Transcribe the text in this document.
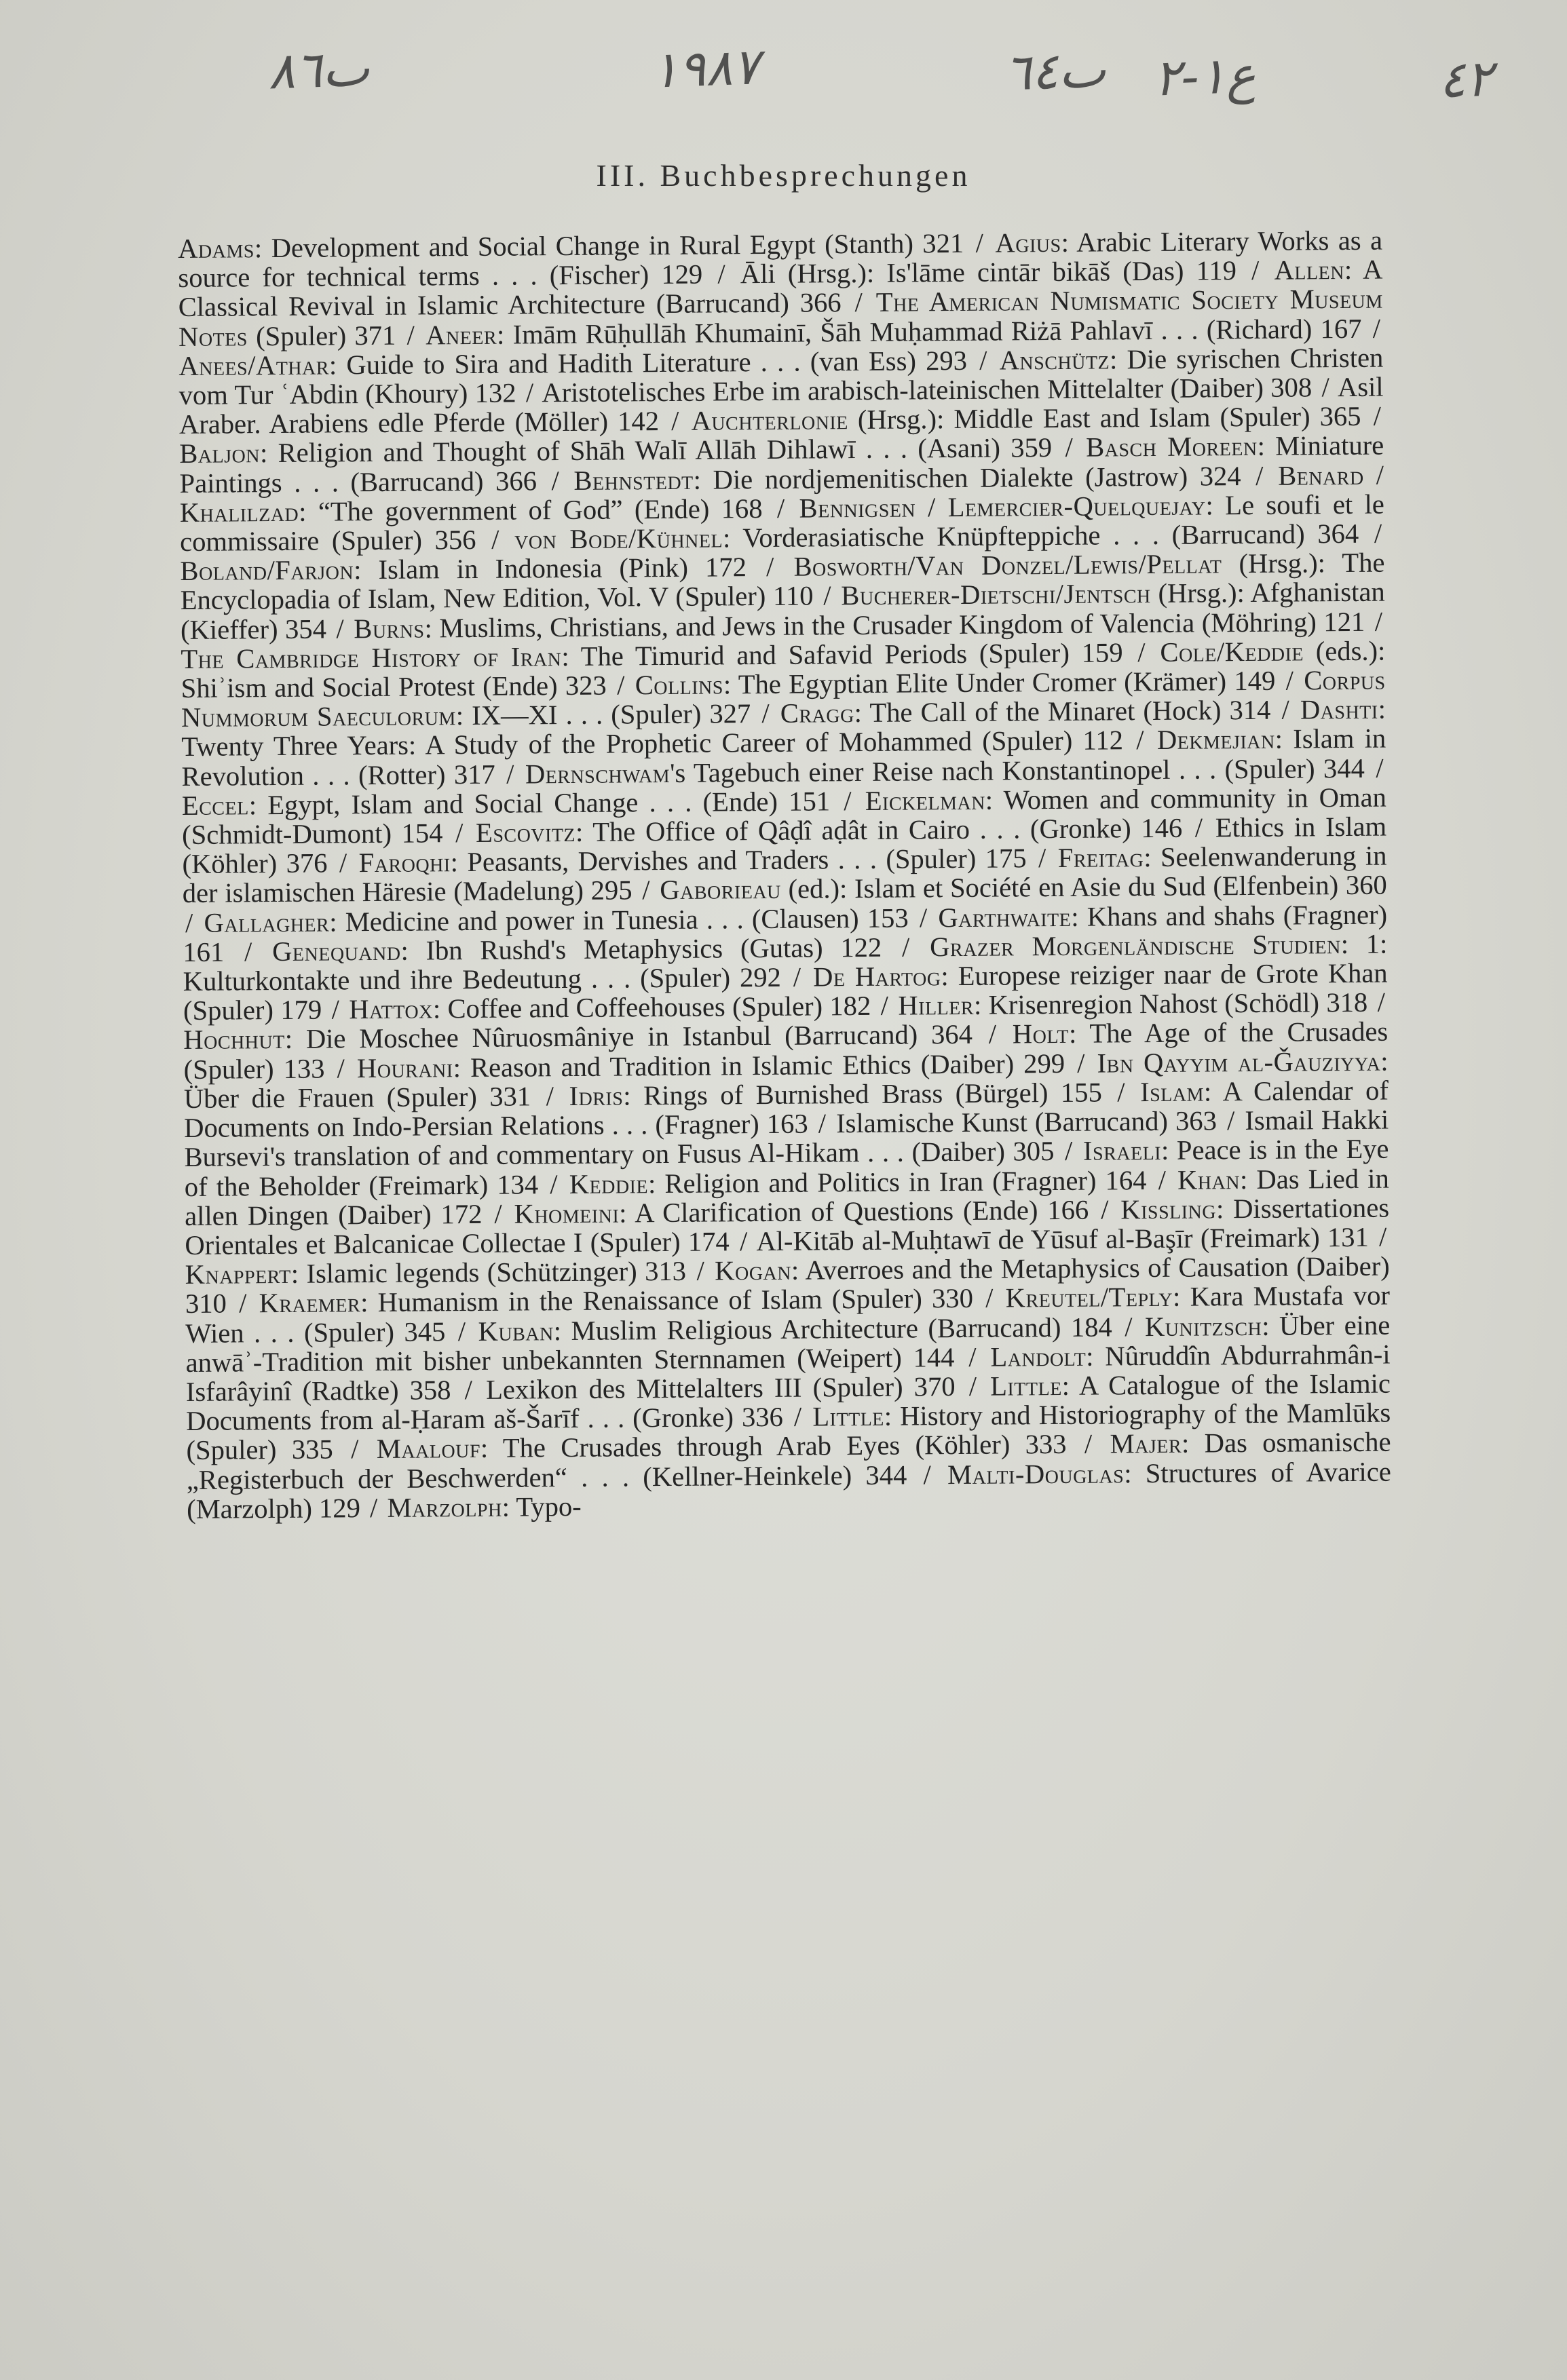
ٮ٨٦	١٩٨٧	ٮ٦٤ ع١-٢	٤٢
III. Buchbesprechungen
Adams: Development and Social Change in Rural Egypt (Stanth) 321 / Agius: Arabic Literary Works as a source for technical terms . . . (Fischer) 129 / Āli (Hrsg.): Is'lāme cintār bikāš (Das) 119 / Allen: A Classical Revival in Islamic Architecture (Barrucand) 366 / The American Numismatic Society Museum Notes (Spuler) 371 / Aneer: Imām Rūḥullāh Khumainī, Šāh Muḥammad Riżā Pahlavī . . . (Richard) 167 / Anees/Athar: Guide to Sira and Hadith Literature . . . (van Ess) 293 / Anschütz: Die syrischen Christen vom Tur ʿAbdin (Khoury) 132 / Aristotelisches Erbe im arabisch-lateinischen Mittelalter (Daiber) 308 / Asil Araber. Arabiens edle Pferde (Möller) 142 / Auchterlonie (Hrsg.): Middle East and Islam (Spuler) 365 / Baljon: Religion and Thought of Shāh Walī Allāh Dihlawī . . . (Asani) 359 / Basch Moreen: Miniature Paintings . . . (Barrucand) 366 / Behnstedt: Die nordjemenitischen Dialekte (Jastrow) 324 / Benard / Khalilzad: “The government of God” (Ende) 168 / Bennigsen / Lemercier-Quelquejay: Le soufi et le commissaire (Spuler) 356 / von Bode/Kühnel: Vorderasiatische Knüpfteppiche . . . (Barrucand) 364 / Boland/Farjon: Islam in Indonesia (Pink) 172 / Bosworth/Van Donzel/Lewis/Pellat (Hrsg.): The Encyclopadia of Islam, New Edition, Vol. V (Spuler) 110 / Bucherer-Dietschi/Jentsch (Hrsg.): Afghanistan (Kieffer) 354 / Burns: Muslims, Christians, and Jews in the Crusader Kingdom of Valencia (Möhring) 121 / The Cambridge History of Iran: The Timurid and Safavid Periods (Spuler) 159 / Cole/Keddie (eds.): Shiʾism and Social Protest (Ende) 323 / Collins: The Egyptian Elite Under Cromer (Krämer) 149 / Corpus Nummorum Saeculorum: IX—XI . . . (Spuler) 327 / Cragg: The Call of the Minaret (Hock) 314 / Dashti: Twenty Three Years: A Study of the Prophetic Career of Mohammed (Spuler) 112 / Dekmejian: Islam in Revolution . . . (Rotter) 317 / Dernschwam's Tagebuch einer Reise nach Konstantinopel . . . (Spuler) 344 / Eccel: Egypt, Islam and Social Change . . . (Ende) 151 / Eickelman: Women and community in Oman (Schmidt-Dumont) 154 / Escovitz: The Office of Qâḍî aḍât in Cairo . . . (Gronke) 146 / Ethics in Islam (Köhler) 376 / Faroqhi: Peasants, Dervishes and Traders . . . (Spuler) 175 / Freitag: Seelenwanderung in der islamischen Häresie (Madelung) 295 / Gaborieau (ed.): Islam et Société en Asie du Sud (Elfenbein) 360 / Gallagher: Medicine and power in Tunesia . . . (Clausen) 153 / Garthwaite: Khans and shahs (Fragner) 161 / Genequand: Ibn Rushd's Metaphysics (Gutas) 122 / Grazer Morgenländische Studien: 1: Kulturkontakte und ihre Bedeutung . . . (Spuler) 292 / De Hartog: Europese reiziger naar de Grote Khan (Spuler) 179 / Hattox: Coffee and Coffeehouses (Spuler) 182 / Hiller: Krisenregion Nahost (Schödl) 318 / Hochhut: Die Moschee Nûruosmâniye in Istanbul (Barrucand) 364 / Holt: The Age of the Crusades (Spuler) 133 / Hourani: Reason and Tradition in Islamic Ethics (Daiber) 299 / Ibn Qayyim al-Ǧauziyya: Über die Frauen (Spuler) 331 / Idris: Rings of Burnished Brass (Bürgel) 155 / Islam: A Calendar of Documents on Indo-Persian Relations . . . (Fragner) 163 / Islamische Kunst (Barrucand) 363 / Ismail Hakki Bursevi's translation of and commentary on Fusus Al-Hikam . . . (Daiber) 305 / Israeli: Peace is in the Eye of the Beholder (Freimark) 134 / Keddie: Religion and Politics in Iran (Fragner) 164 / Khan: Das Lied in allen Dingen (Daiber) 172 / Khomeini: A Clarification of Questions (Ende) 166 / Kissling: Dissertationes Orientales et Balcanicae Collectae I (Spuler) 174 / Al-Kitāb al-Muḥtawī de Yūsuf al-Başīr (Freimark) 131 / Knappert: Islamic legends (Schützinger) 313 / Kogan: Averroes and the Metaphysics of Causation (Daiber) 310 / Kraemer: Humanism in the Renaissance of Islam (Spuler) 330 / Kreutel/Teply: Kara Mustafa vor Wien . . . (Spuler) 345 / Kuban: Muslim Religious Architecture (Barrucand) 184 / Kunitzsch: Über eine anwāʾ-Tradition mit bisher unbekannten Sternnamen (Weipert) 144 / Landolt: Nûruddîn Abdurrahmân-i Isfarâyinî (Radtke) 358 / Lexikon des Mittelalters III (Spuler) 370 / Little: A Catalogue of the Islamic Documents from al-Ḥaram aš-Šarīf . . . (Gronke) 336 / Little: History and Historiography of the Mamlūks (Spuler) 335 / Maalouf: The Crusades through Arab Eyes (Köhler) 333 / Majer: Das osmanische „Registerbuch der Beschwerden“ . . . (Kellner-Heinkele) 344 / Malti-Douglas: Structures of Avarice (Marzolph) 129 / Marzolph: Typo-
